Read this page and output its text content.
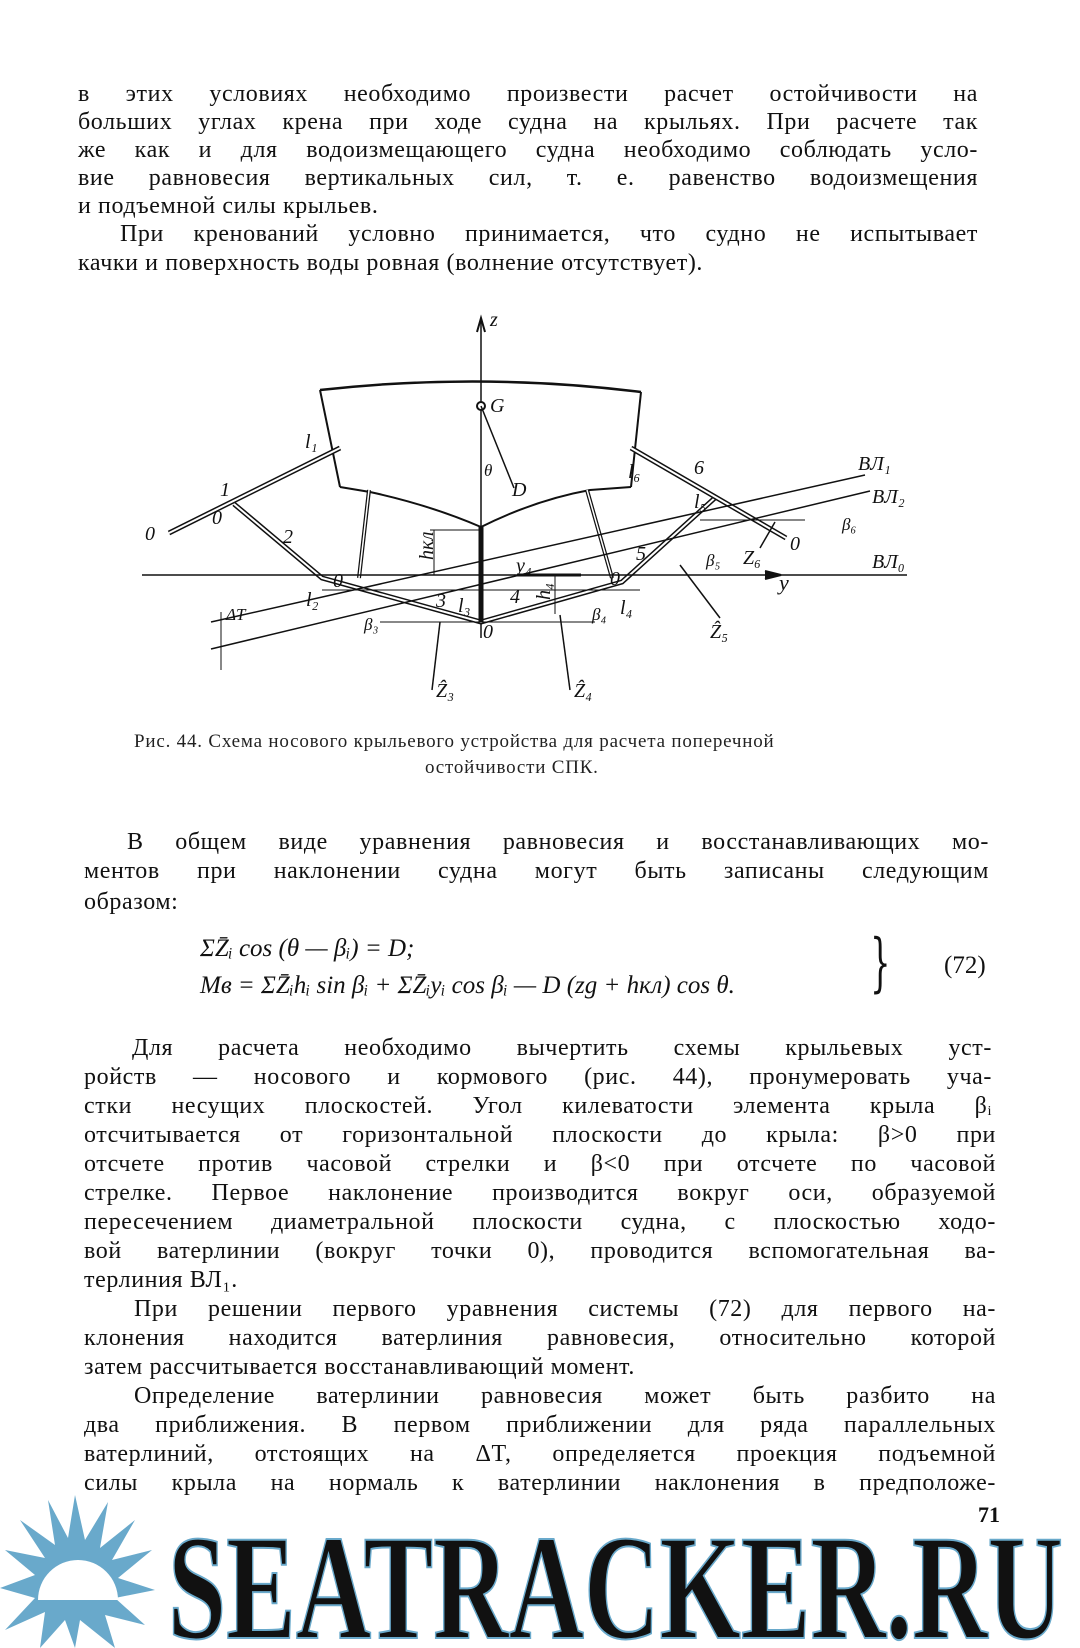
в этих условиях необходимо произвести расчет остойчивости на
больших углах крена при ходе судна на крыльях. При расчете так
же как и для водоизмещающего судна необходимо соблюдать усло-
вие равновесия вертикальных сил, т. е. равенство водоизмещения
и подъемной силы крыльев.
При кренований условно принимается, что судно не испытывает
качки и поверхность воды ровная (волнение отсутствует).
z
G
θ
D
l₁
1
0
0	2
0
l₂	3 l₃ 4 h₄
0
l₄
β₄
β₃	0
hкл
y₄
5	β₅ Z₆
0
β₆
l₅
6
l₆	ВЛ₁
ВЛ₂
ВЛ₀
y
ΔT
Ẑ₃	Ẑ₄
Ẑ₅
Рис. 44. Схема носового крыльевого устройства для расчета поперечной
остойчивости СПК.
В общем виде уравнения равновесия и восстанавливающих мо-
ментов при наклонении судна могут быть записаны следующим
образом:
ΣZ̄ᵢ cos (θ — βᵢ) = D;
Mв = ΣZ̄ᵢhᵢ sin βᵢ + ΣZ̄ᵢyᵢ cos βᵢ — D (zg + hкл) cos θ. } (72)
Для расчета необходимо вычертить схемы крыльевых уст-
ройств — носового и кормового (рис. 44), пронумеровать уча-
стки несущих плоскостей. Угол килеватости элемента крыла βᵢ
отсчитывается от горизонтальной плоскости до крыла: β>0 при
отсчете против часовой стрелки и β<0 при отсчете по часовой
стрелке. Первое наклонение производится вокруг оси, образуемой
пересечением диаметральной плоскости судна, с плоскостью ходо-
вой ватерлинии (вокруг точки 0), проводится вспомогательная ва-
терлиния ВЛ₁.
При решении первого уравнения системы (72) для первого на-
клонения находится ватерлиния равновесия, относительно которой
затем рассчитывается восстанавливающий момент.
Определение ватерлинии равновесия может быть разбито на
два приближения. В первом приближении для ряда параллельных
ватерлиний, отстоящих на ΔT, определяется проекция подъемной
силы крыла на нормаль к ватерлинии наклонения в предположе-
71
SEATRACKER.RU
